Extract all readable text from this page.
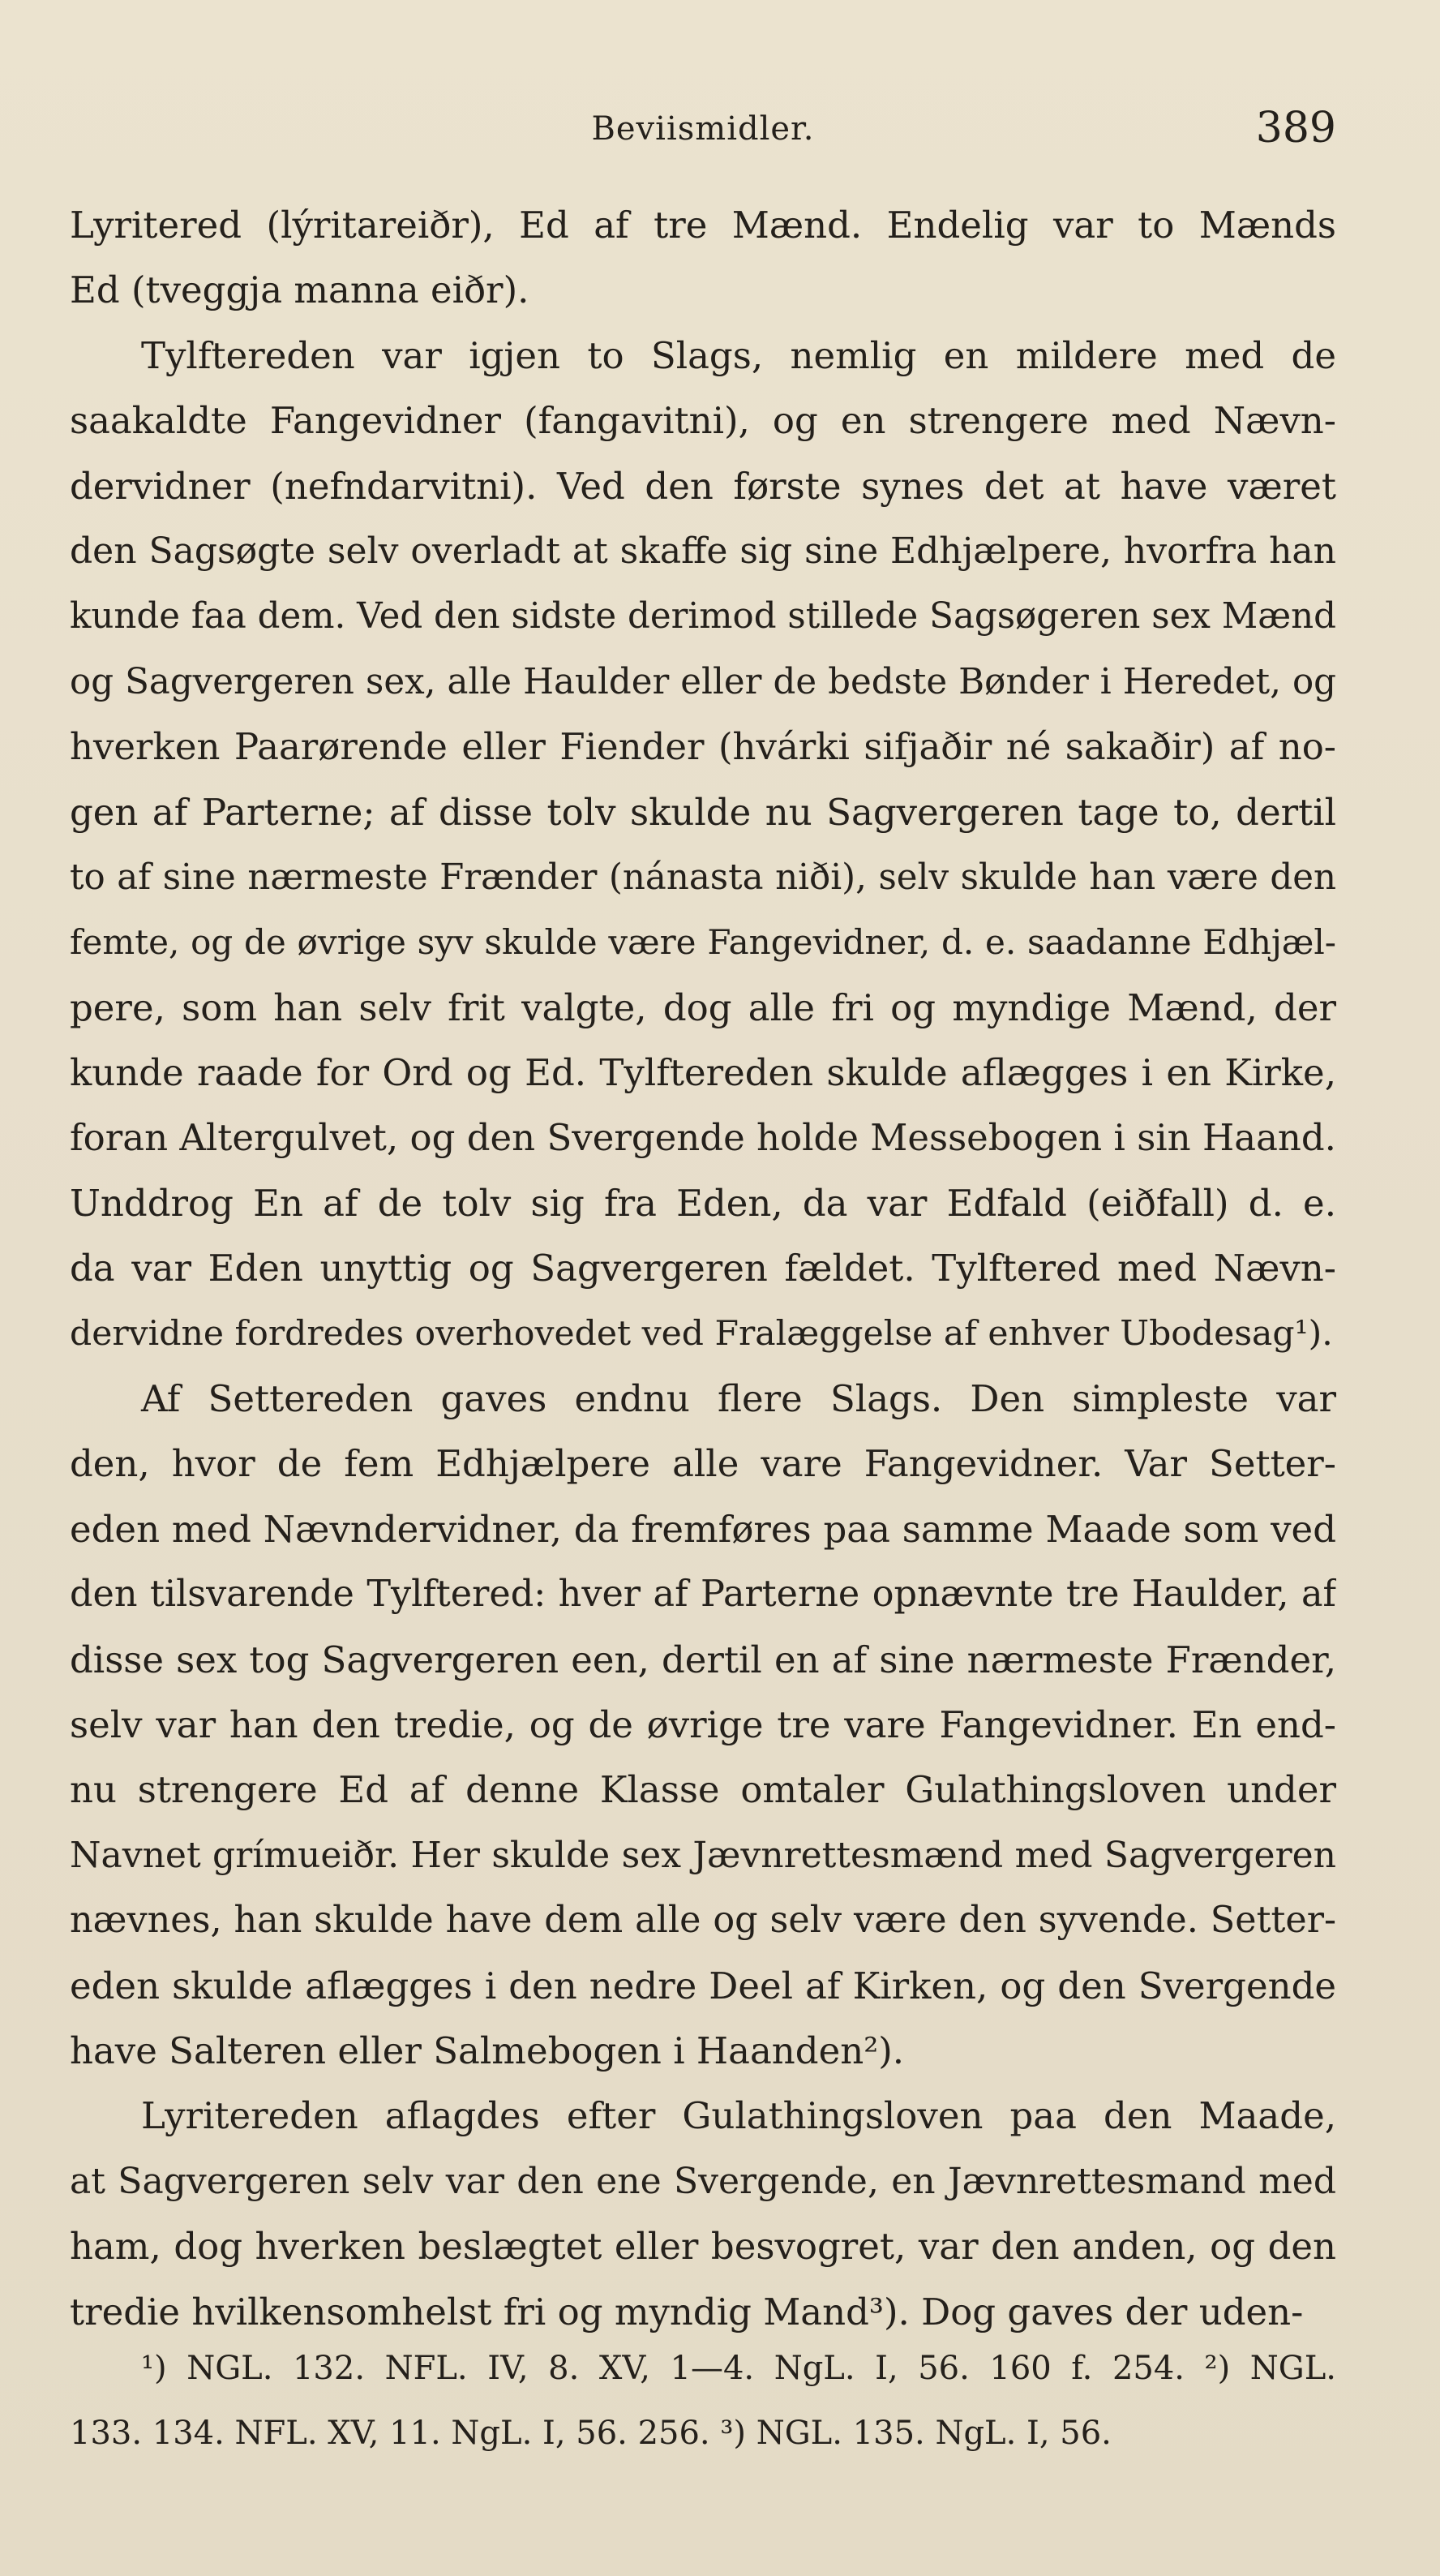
Beviismidler.	389
Lyritered (lýritareiðr), Ed af tre Mænd. Endelig var to Mænds
Ed (tveggja manna eiðr).
Tylftereden var igjen to Slags, nemlig en mildere med de
saakaldte Fangevidner (fangavitni), og en strengere med Nævn-
dervidner (nefndarvitni). Ved den første synes det at have været
den Sagsøgte selv overladt at skaffe sig sine Edhjælpere, hvorfra han
kunde faa dem. Ved den sidste derimod stillede Sagsøgeren sex Mænd
og Sagvergeren sex, alle Haulder eller de bedste Bønder i Heredet, og
hverken Paarørende eller Fiender (hvárki sifjaðir né sakaðir) af no-
gen af Parterne; af disse tolv skulde nu Sagvergeren tage to, dertil
to af sine nærmeste Frænder (nánasta niði), selv skulde han være den
femte, og de øvrige syv skulde være Fangevidner, d. e. saadanne Edhjæl-
pere, som han selv frit valgte, dog alle fri og myndige Mænd, der
kunde raade for Ord og Ed. Tylftereden skulde aflægges i en Kirke,
foran Altergulvet, og den Svergende holde Messebogen i sin Haand.
Unddrog En af de tolv sig fra Eden, da var Edfald (eiðfall) d. e.
da var Eden unyttig og Sagvergeren fældet. Tylftered med Nævn-
dervidne fordredes overhovedet ved Fralæggelse af enhver Ubodesag¹).
Af Settereden gaves endnu flere Slags. Den simpleste var
den, hvor de fem Edhjælpere alle vare Fangevidner. Var Setter-
eden med Nævndervidner, da fremføres paa samme Maade som ved
den tilsvarende Tylftered: hver af Parterne opnævnte tre Haulder, af
disse sex tog Sagvergeren een, dertil en af sine nærmeste Frænder,
selv var han den tredie, og de øvrige tre vare Fangevidner. En end-
nu strengere Ed af denne Klasse omtaler Gulathingsloven under
Navnet grímueiðr. Her skulde sex Jævnrettesmænd med Sagvergeren
nævnes, han skulde have dem alle og selv være den syvende. Setter-
eden skulde aflægges i den nedre Deel af Kirken, og den Svergende
have Salteren eller Salmebogen i Haanden²).
Lyritereden aflagdes efter Gulathingsloven paa den Maade,
at Sagvergeren selv var den ene Svergende, en Jævnrettesmand med
ham, dog hverken beslægtet eller besvogret, var den anden, og den
tredie hvilkensomhelst fri og myndig Mand³). Dog gaves der uden-
¹) NGL. 132. NFL. IV, 8. XV, 1—4. NgL. I, 56. 160 f. 254. ²) NGL.
133. 134. NFL. XV, 11. NgL. I, 56. 256. ³) NGL. 135. NgL. I, 56.
